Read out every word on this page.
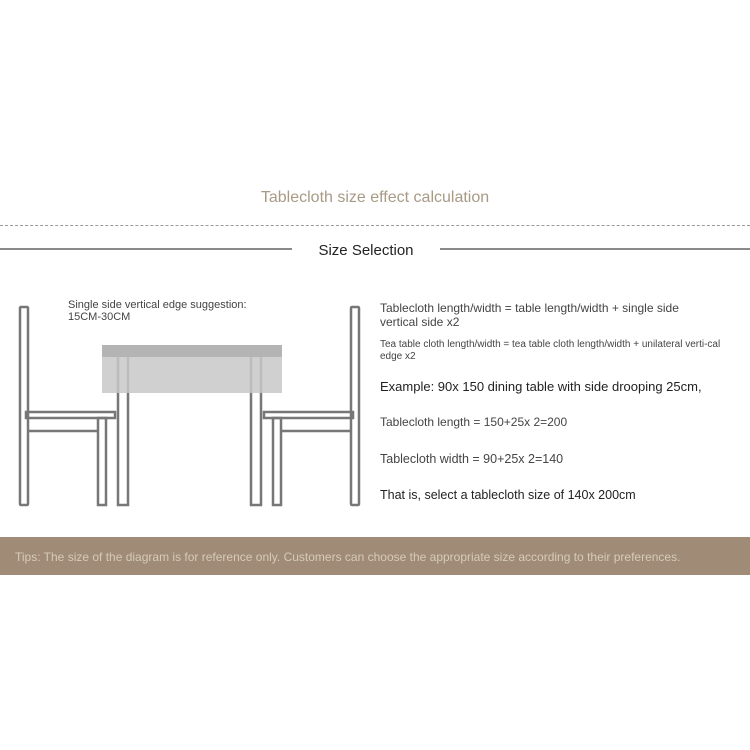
Tablecloth size effect calculation
Size Selection
Single side vertical edge suggestion: 15CM-30CM
Tablecloth length/width = table length/width + single side vertical side x2
Tea table cloth length/width = tea table cloth length/width + unilateral verti-cal edge x2
Example: 90x 150 dining table with side drooping 25cm,
Tablecloth length = 150+25x 2=200
Tablecloth width = 90+25x 2=140
That is, select a tablecloth size of 140x 200cm
Tips: The size of the diagram is for reference only. Customers can choose the appropriate size according to their preferences.
